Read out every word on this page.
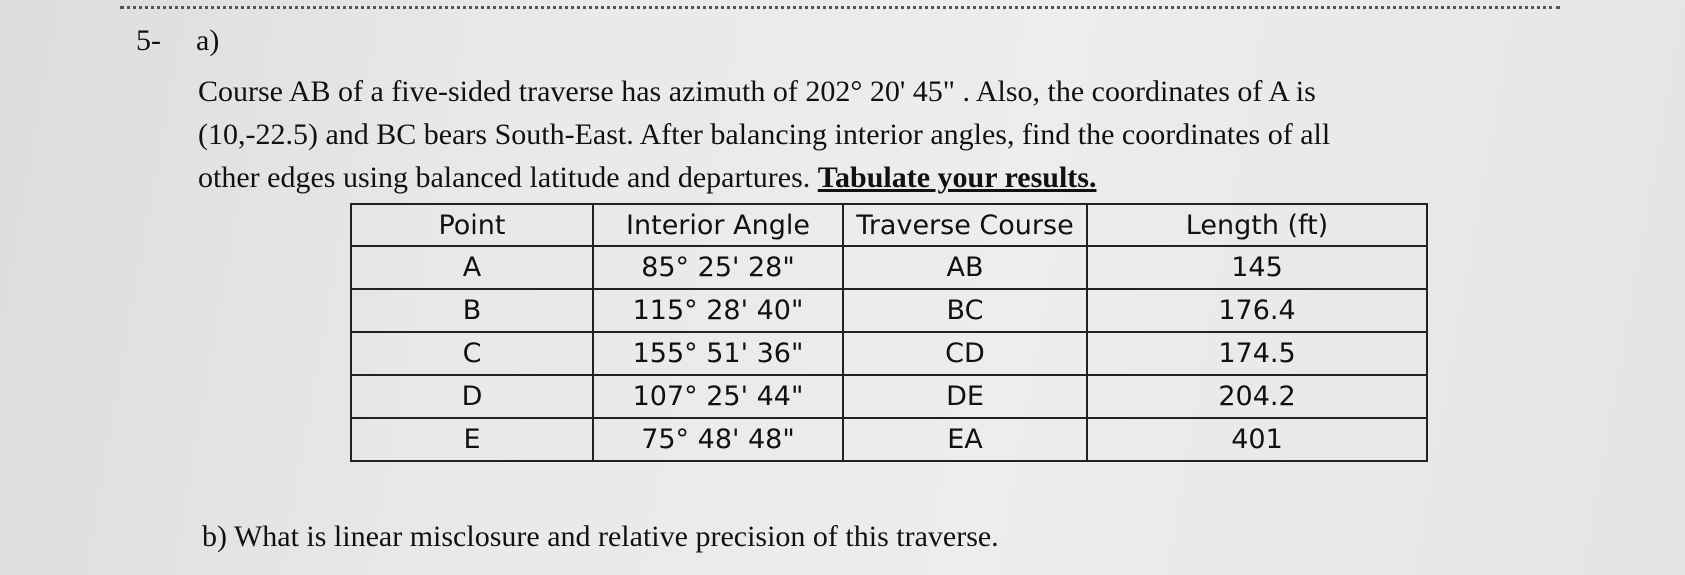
5- a)
Course AB of a five-sided traverse has azimuth of 202° 20' 45" . Also, the coordinates of A is
(10,-22.5) and BC bears South-East. After balancing interior angles, find the coordinates of all
other edges using balanced latitude and departures. Tabulate your results.
Point	Interior Angle	Traverse Course	Length (ft)
A	85° 25' 28"	AB	145
B	115° 28' 40"	BC	176.4
C	155° 51' 36"	CD	174.5
D	107° 25' 44"	DE	204.2
E	75° 48' 48"	EA	401
b) What is linear misclosure and relative precision of this traverse.
